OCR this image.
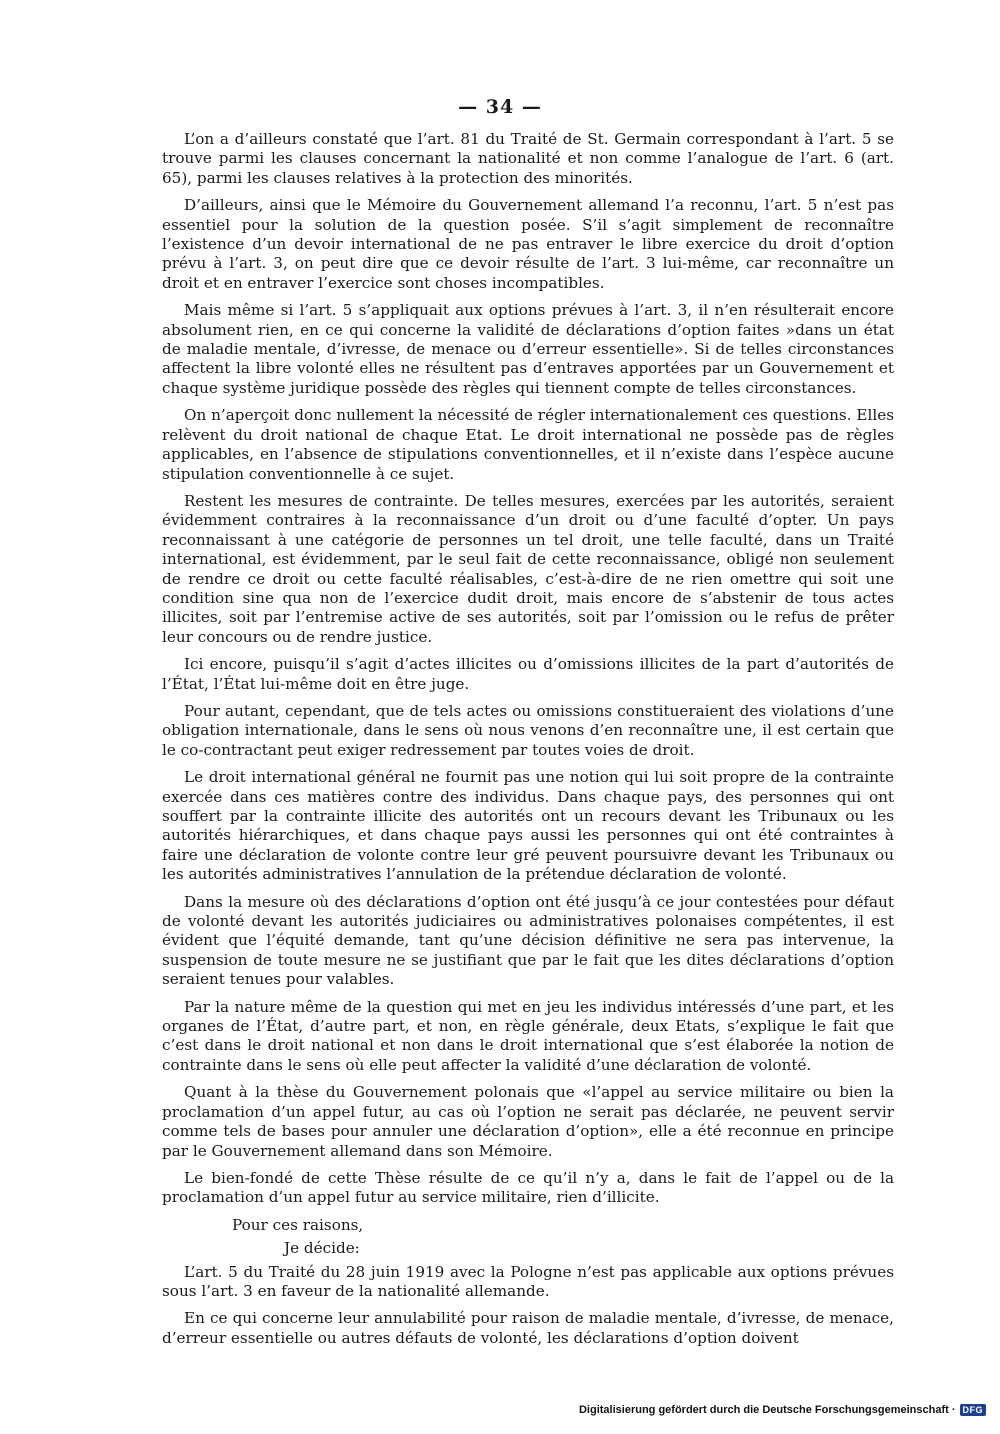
— 34 —

L’on a d’ailleurs constaté que l’art. 81 du Traité de St. Germain correspondant à l’art. 5 se trouve parmi les clauses concernant la nationalité et non comme l’analogue de l’art. 6 (art. 65), parmi les clauses relatives à la protection des minorités.

D’ailleurs, ainsi que le Mémoire du Gouvernement allemand l’a reconnu, l’art. 5 n’est pas essentiel pour la solution de la question posée. S’il s’agit simplement de reconnaître l’existence d’un devoir international de ne pas entraver le libre exercice du droit d’option prévu à l’art. 3, on peut dire que ce devoir résulte de l’art. 3 lui-même, car reconnaître un droit et en entraver l’exercice sont choses incompatibles.

Mais même si l’art. 5 s’appliquait aux options prévues à l’art. 3, il n’en résulterait encore absolument rien, en ce qui concerne la validité de déclarations d’option faites »dans un état de maladie mentale, d’ivresse, de menace ou d’erreur essentielle». Si de telles circonstances affectent la libre volonté elles ne résultent pas d’entraves apportées par un Gouvernement et chaque système juridique possède des règles qui tiennent compte de telles circonstances.

On n’aperçoit donc nullement la nécessité de régler internationalement ces questions. Elles relèvent du droit national de chaque Etat. Le droit international ne possède pas de règles applicables, en l’absence de stipulations conventionnelles, et il n’existe dans l’espèce aucune stipulation conventionnelle à ce sujet.

Restent les mesures de contrainte. De telles mesures, exercées par les autorités, seraient évidemment contraires à la reconnaissance d’un droit ou d’une faculté d’opter. Un pays reconnaissant à une catégorie de personnes un tel droit, une telle faculté, dans un Traité international, est évidemment, par le seul fait de cette reconnaissance, obligé non seulement de rendre ce droit ou cette faculté réalisables, c’est-à-dire de ne rien omettre qui soit une condition sine qua non de l’exercice dudit droit, mais encore de s’abstenir de tous actes illicites, soit par l’entremise active de ses autorités, soit par l’omission ou le refus de prêter leur concours ou de rendre justice.

Ici encore, puisqu’il s’agit d’actes illicites ou d’omissions illicites de la part d’autorités de l’État, l’État lui-même doit en être juge.

Pour autant, cependant, que de tels actes ou omissions constitueraient des violations d’une obligation internationale, dans le sens où nous venons d’en reconnaître une, il est certain que le co-contractant peut exiger redressement par toutes voies de droit.

Le droit international général ne fournit pas une notion qui lui soit propre de la contrainte exercée dans ces matières contre des individus. Dans chaque pays, des personnes qui ont souffert par la contrainte illicite des autorités ont un recours devant les Tribunaux ou les autorités hiérarchiques, et dans chaque pays aussi les personnes qui ont été contraintes à faire une déclaration de volonte contre leur gré peuvent poursuivre devant les Tribunaux ou les autorités administratives l’annulation de la prétendue déclaration de volonté.

Dans la mesure où des déclarations d’option ont été jusqu’à ce jour contestées pour défaut de volonté devant les autorités judiciaires ou administratives polonaises compétentes, il est évident que l’équité demande, tant qu’une décision définitive ne sera pas intervenue, la suspension de toute mesure ne se justifiant que par le fait que les dites déclarations d’option seraient tenues pour valables.

Par la nature même de la question qui met en jeu les individus intéressés d’une part, et les organes de l’État, d’autre part, et non, en règle générale, deux Etats, s’explique le fait que c’est dans le droit national et non dans le droit international que s’est élaborée la notion de contrainte dans le sens où elle peut affecter la validité d’une déclaration de volonté.

Quant à la thèse du Gouvernement polonais que «l’appel au service militaire ou bien la proclamation d’un appel futur, au cas où l’option ne serait pas déclarée, ne peuvent servir comme tels de bases pour annuler une déclaration d’option», elle a été reconnue en principe par le Gouvernement allemand dans son Mémoire.

Le bien-fondé de cette Thèse résulte de ce qu’il n’y a, dans le fait de l’appel ou de la proclamation d’un appel futur au service militaire, rien d’illicite.

Pour ces raisons,

Je décide:

L’art. 5 du Traité du 28 juin 1919 avec la Pologne n’est pas applicable aux options prévues sous l’art. 3 en faveur de la nationalité allemande.

En ce qui concerne leur annulabilité pour raison de maladie mentale, d’ivresse, de menace, d’erreur essentielle ou autres défauts de volonté, les déclarations d’option doivent

Digitalisierung gefördert durch die Deutsche Forschungsgemeinschaft · DFG
